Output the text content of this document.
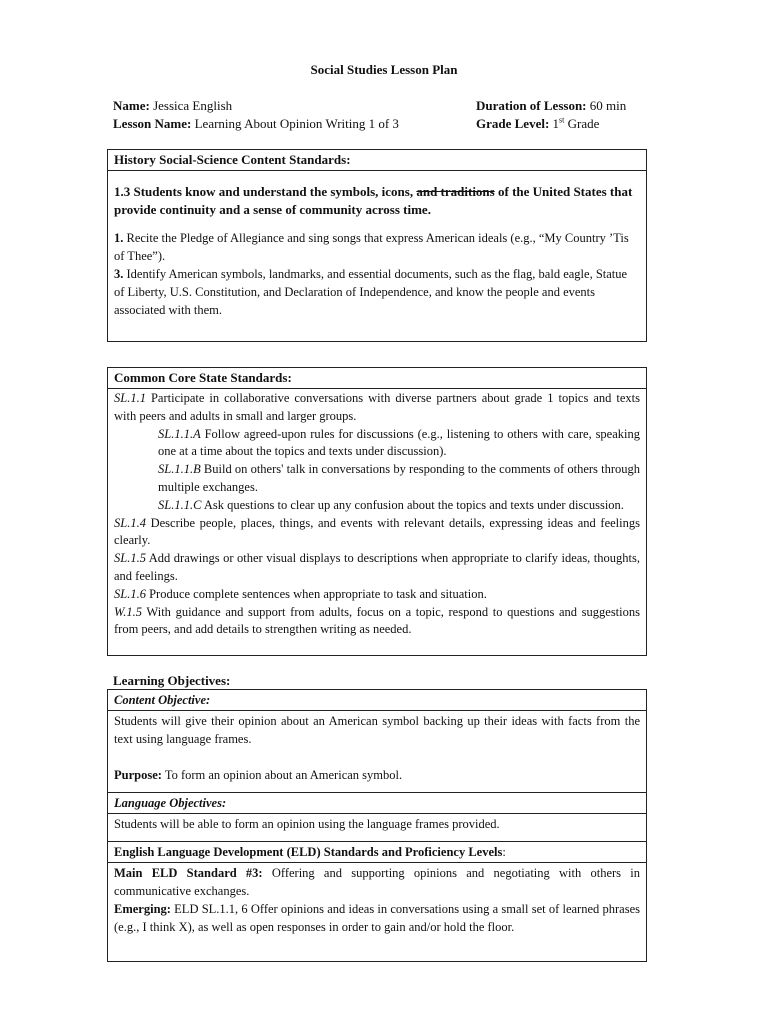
Social Studies Lesson Plan
Name: Jessica English
Lesson Name: Learning About Opinion Writing 1 of 3
Duration of Lesson: 60 min
Grade Level: 1st Grade
History Social-Science Content Standards:
1.3 Students know and understand the symbols, icons, and traditions of the United States that provide continuity and a sense of community across time.
1. Recite the Pledge of Allegiance and sing songs that express American ideals (e.g., “My Country ’Tis of Thee”).
3. Identify American symbols, landmarks, and essential documents, such as the flag, bald eagle, Statue of Liberty, U.S. Constitution, and Declaration of Independence, and know the people and events associated with them.
Common Core State Standards:

SL.1.1 Participate in collaborative conversations with diverse partners about grade 1 topics and texts with peers and adults in small and larger groups.

SL.1.1.A Follow agreed-upon rules for discussions (e.g., listening to others with care, speaking one at a time about the topics and texts under discussion).

SL.1.1.B Build on others' talk in conversations by responding to the comments of others through multiple exchanges.

SL.1.1.C Ask questions to clear up any confusion about the topics and texts under discussion.

SL.1.4 Describe people, places, things, and events with relevant details, expressing ideas and feelings clearly.

SL.1.5 Add drawings or other visual displays to descriptions when appropriate to clarify ideas, thoughts, and feelings.

SL.1.6 Produce complete sentences when appropriate to task and situation.

W.1.5 With guidance and support from adults, focus on a topic, respond to questions and suggestions from peers, and add details to strengthen writing as needed.

Learning Objectives:
Content Objective:
Students will give their opinion about an American symbol backing up their ideas with facts from the text using language frames.
Purpose: To form an opinion about an American symbol.
Language Objectives:
Students will be able to form an opinion using the language frames provided.
English Language Development (ELD) Standards and Proficiency Levels:
Main ELD Standard #3: Offering and supporting opinions and negotiating with others in communicative exchanges.
Emerging: ELD SL.1.1, 6 Offer opinions and ideas in conversations using a small set of learned phrases (e.g., I think X), as well as open responses in order to gain and/or hold the floor.
